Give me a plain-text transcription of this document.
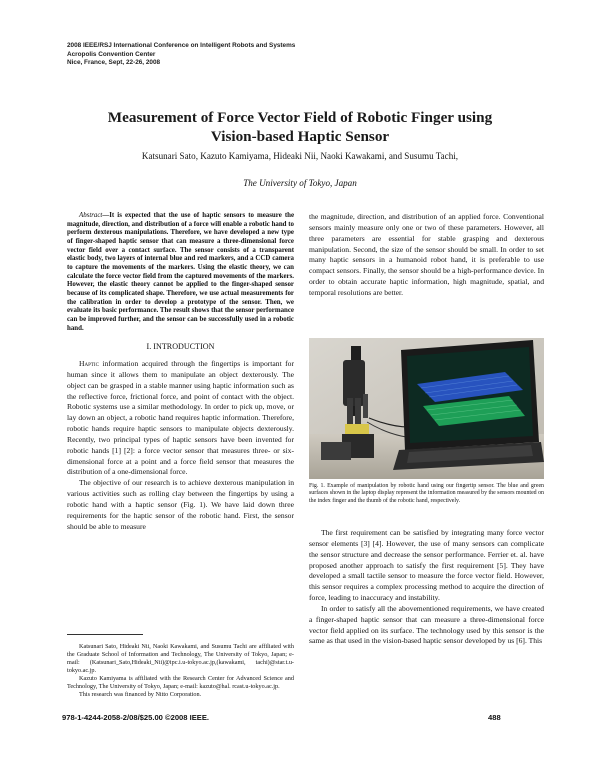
2008 IEEE/RSJ International Conference on Intelligent Robots and Systems
Acropolis Convention Center
Nice, France, Sept, 22-26, 2008
Measurement of Force Vector Field of Robotic Finger using
Vision-based Haptic Sensor
Katsunari Sato, Kazuto Kamiyama, Hideaki Nii, Naoki Kawakami, and Susumu Tachi,
The University of Tokyo, Japan

Abstract—It is expected that the use of haptic sensors to measure the magnitude, direction, and distribution of a force will enable a robotic hand to perform dexterous manipulations. Therefore, we have developed a new type of finger-shaped haptic sensor that can measure a three-dimensional force vector field over a contact surface. The sensor consists of a transparent elastic body, two layers of internal blue and red markers, and a CCD camera to capture the movements of the markers. Using the elastic theory, we can calculate the force vector field from the captured movements of the markers. However, the elastic theory cannot be applied to the finger-shaped sensor because of its complicated shape. Therefore, we use actual measurements for the calibration in order to develop a prototype of the sensor. Then, we evaluate its basic performance. The result shows that the sensor performance can be improved further, and the sensor can be successfully used in a robotic hand.

I. INTRODUCTION

Haptic information acquired through the fingertips is important for human since it allows them to manipulate an object dexterously. The object can be grasped in a stable manner using haptic information such as the reflective force, frictional force, and point of contact with the object. Robotic systems use a similar methodology. In order to pick up, move, or lay down an object, a robotic hand requires haptic information. Therefore, robotic hands require haptic sensors to manipulate objects dexterously. Recently, two principal types of haptic sensors have been invented for robotic hands [1] [2]: a force vector sensor that measures three- or six-dimensional force at a point and a force field sensor that measures the distribution of a one-dimensional force.

The objective of our research is to achieve dexterous manipulation in various activities such as rolling clay between the fingertips by using a robotic hand with a haptic sensor (Fig. 1). We have laid down three requirements for the haptic sensor of the robotic hand. First, the sensor should be able to measure

Katsunari Sato, Hideaki Nii, Naoki Kawakami, and Susumu Tachi are affiliated with the Graduate School of Information and Technology, The University of Tokyo, Japan; e-mail: (Katsunari_Sato,Hideaki_Nii)@ipc.i.u-tokyo.ac.jp,(kawakami, tachi)@star.t.u-tokyo.ac.jp.

Kazuto Kamiyama is affiliated with the Research Center for Advanced Science and Technology, The University of Tokyo, Japan; e-mail: kazuto@hal. rcast.u-tokyo.ac.jp.

This research was financed by Nitto Corporation.

the magnitude, direction, and distribution of an applied force. Conventional sensors mainly measure only one or two of these parameters. However, all three parameters are essential for stable grasping and dexterous manipulation. Second, the size of the sensor should be small. In order to set many haptic sensors in a humanoid robot hand, it is preferable to use compact sensors. Finally, the sensor should be a high-performance device. In order to obtain accurate haptic information, high magnitude, spatial, and temporal resolutions are better.

Fig. 1. Example of manipulation by robotic hand using our fingertip sensor. The blue and green surfaces shown in the laptop display represent the information measured by the sensors mounted on the index finger and the thumb of the robotic hand, respectively.

The first requirement can be satisfied by integrating many force vector sensor elements [3] [4]. However, the use of many sensors can complicate the sensor structure and decrease the sensor performance. Ferrier et. al. have proposed another approach to satisfy the first requirement [5]. They have developed a small tactile sensor to measure the force vector field. However, this sensor requires a complex processing method to acquire the direction of force, leading to inaccuracy and instability.

In order to satisfy all the abovementioned requirements, we have created a finger-shaped haptic sensor that can measure a three-dimensional force vector field applied on its surface. The technology used by this sensor is the same as that used in the vision-based haptic sensor developed by us [6]. This

978-1-4244-2058-2/08/$25.00 ©2008 IEEE.	488
